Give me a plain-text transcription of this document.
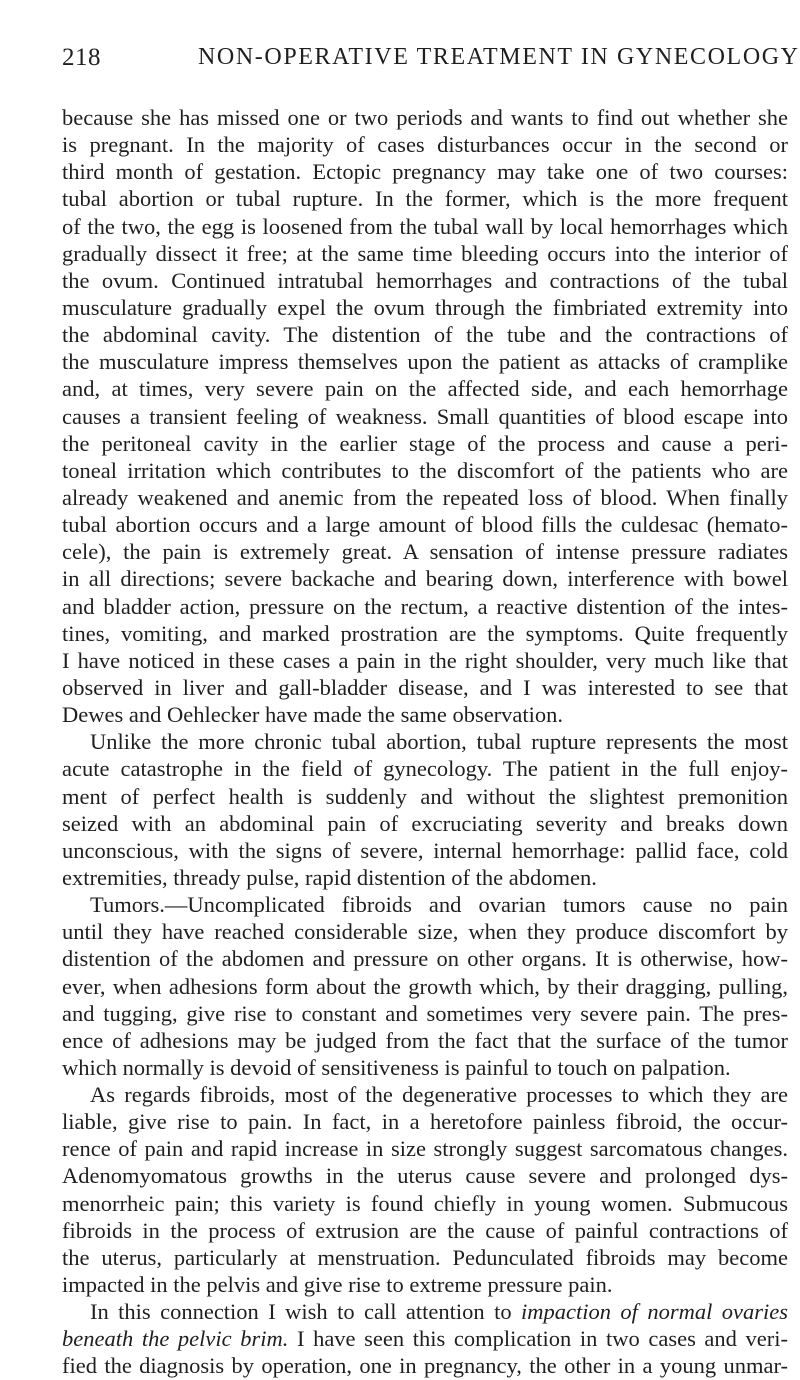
218	NON-OPERATIVE TREATMENT IN GYNECOLOGY
because she has missed one or two periods and wants to find out whether she
is pregnant. In the majority of cases disturbances occur in the second or
third month of gestation. Ectopic pregnancy may take one of two courses:
tubal abortion or tubal rupture. In the former, which is the more frequent
of the two, the egg is loosened from the tubal wall by local hemorrhages which
gradually dissect it free; at the same time bleeding occurs into the interior of
the ovum. Continued intratubal hemorrhages and contractions of the tubal
musculature gradually expel the ovum through the fimbriated extremity into
the abdominal cavity. The distention of the tube and the contractions of
the musculature impress themselves upon the patient as attacks of cramplike
and, at times, very severe pain on the affected side, and each hemorrhage
causes a transient feeling of weakness. Small quantities of blood escape into
the peritoneal cavity in the earlier stage of the process and cause a peri-
toneal irritation which contributes to the discomfort of the patients who are
already weakened and anemic from the repeated loss of blood. When finally
tubal abortion occurs and a large amount of blood fills the culdesac (hemato-
cele), the pain is extremely great. A sensation of intense pressure radiates
in all directions; severe backache and bearing down, interference with bowel
and bladder action, pressure on the rectum, a reactive distention of the intes-
tines, vomiting, and marked prostration are the symptoms. Quite frequently
I have noticed in these cases a pain in the right shoulder, very much like that
observed in liver and gall-bladder disease, and I was interested to see that
Dewes and Oehlecker have made the same observation.
Unlike the more chronic tubal abortion, tubal rupture represents the most
acute catastrophe in the field of gynecology. The patient in the full enjoy-
ment of perfect health is suddenly and without the slightest premonition
seized with an abdominal pain of excruciating severity and breaks down
unconscious, with the signs of severe, internal hemorrhage: pallid face, cold
extremities, thready pulse, rapid distention of the abdomen.
Tumors.—Uncomplicated fibroids and ovarian tumors cause no pain
until they have reached considerable size, when they produce discomfort by
distention of the abdomen and pressure on other organs. It is otherwise, how-
ever, when adhesions form about the growth which, by their dragging, pulling,
and tugging, give rise to constant and sometimes very severe pain. The pres-
ence of adhesions may be judged from the fact that the surface of the tumor
which normally is devoid of sensitiveness is painful to touch on palpation.
As regards fibroids, most of the degenerative processes to which they are
liable, give rise to pain. In fact, in a heretofore painless fibroid, the occur-
rence of pain and rapid increase in size strongly suggest sarcomatous changes.
Adenomyomatous growths in the uterus cause severe and prolonged dys-
menorrheic pain; this variety is found chiefly in young women. Submucous
fibroids in the process of extrusion are the cause of painful contractions of
the uterus, particularly at menstruation. Pedunculated fibroids may become
impacted in the pelvis and give rise to extreme pressure pain.
In this connection I wish to call attention to impaction of normal ovaries
beneath the pelvic brim. I have seen this complication in two cases and veri-
fied the diagnosis by operation, one in pregnancy, the other in a young unmar-
